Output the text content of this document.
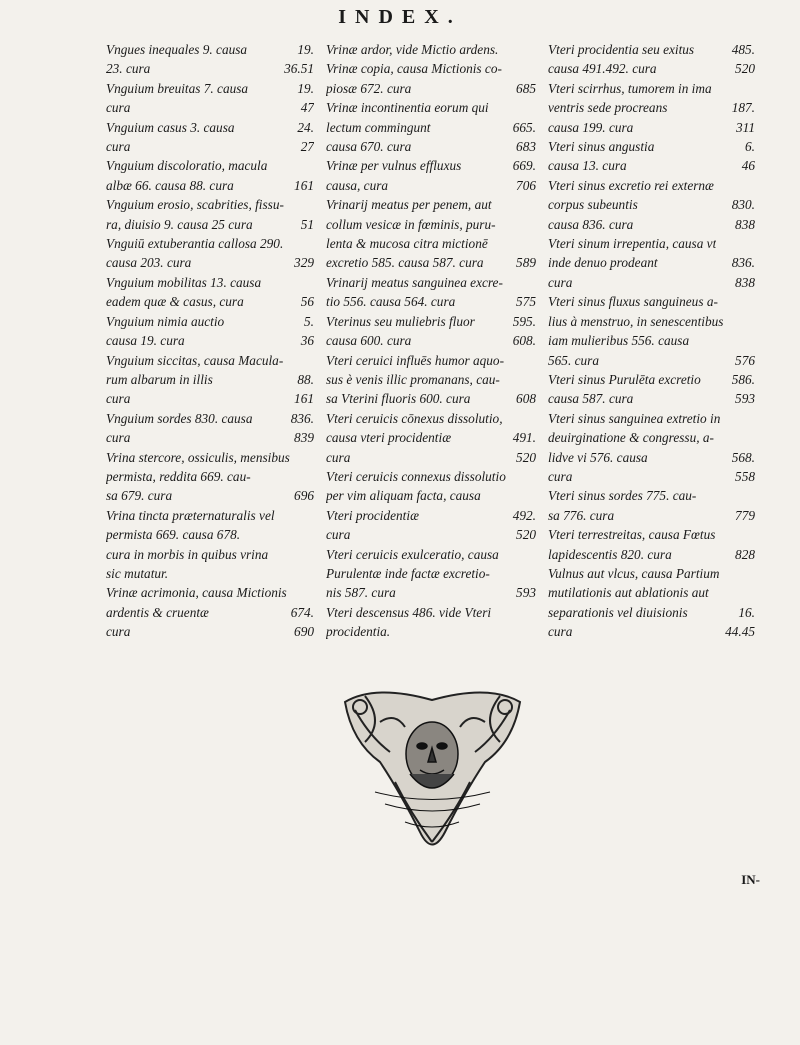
INDEX.
Vngues inequales 9. causa	19.
23. cura	36.51
Vnguium breuitas 7. causa	19.
cura	47
Vnguium casus 3. causa	24.
cura	27
Vnguium discoloratio, macula
albæ 66. causa 88. cura	161
Vnguium erosio, scabrities, fissu-
ra, diuisio 9. causa 25 cura	51
Vnguiū extuberantia callosa 290.
causa 203. cura	329
Vnguium mobilitas 13. causa
eadem quæ & casus, cura	56
Vnguium nimia auctio	5.
causa 19. cura	36
Vnguium siccitas, causa Macula-
rum albarum in illis	88.
cura	161
Vnguium sordes 830. causa	836.
cura	839
Vrina stercore, ossiculis, mensibus
permista, reddita 669. cau-
sa 679. cura	696
Vrina tincta præternaturalis vel
permista 669. causa 678.
cura in morbis in quibus vrina
sic mutatur.
Vrinæ acrimonia, causa Mictionis
ardentis & cruentæ	674.
cura	690
Vrinæ ardor, vide Mictio ardens.
Vrinæ copia, causa Mictionis co-
piosæ 672. cura	685
Vrinæ incontinentia eorum qui
lectum commingunt	665.
causa 670. cura	683
Vrinæ per vulnus effluxus	669.
causa, cura	706
Vrinarij meatus per penem, aut
collum vesicæ in fœminis, puru-
lenta & mucosa citra mictionē
excretio 585. causa 587. cura	589
Vrinarij meatus sanguinea excre-
tio 556. causa 564. cura	575
Vterinus seu muliebris fluor	595.
causa 600. cura	608.
Vteri ceruici influēs humor aquo-
sus è venis illic promanans, cau-
sa Vterini fluoris 600. cura	608
Vteri ceruicis cōnexus dissolutio,
causa vteri procidentiæ	491.
cura	520
Vteri ceruicis connexus dissolutio
per vim aliquam facta, causa
Vteri procidentiæ	492.
cura	520
Vteri ceruicis exulceratio, causa
Purulentæ inde factæ excretio-
nis 587. cura	593
Vteri descensus 486. vide Vteri
procidentia.
Vteri procidentia seu exitus	485.
causa 491.492. cura	520
Vteri scirrhus, tumorem in ima
ventris sede procreans	187.
causa 199. cura	311
Vteri sinus angustia	6.
causa 13. cura	46
Vteri sinus excretio rei externæ
corpus subeuntis	830.
causa 836. cura	838
Vteri sinum irrepentia, causa vt
inde denuo prodeant	836.
cura	838
Vteri sinus fluxus sanguineus a-
lius à menstruo, in senescentibus
iam mulieribus 556. causa
565. cura	576
Vteri sinus Purulēta excretio	586.
causa 587. cura	593
Vteri sinus sanguinea extretio in
deuirginatione & congressu, a-
lidve vi 576. causa	568.
cura	558
Vteri sinus sordes 775. cau-
sa 776. cura	779
Vteri terrestreitas, causa Fœtus
lapidescentis 820. cura	828
Vulnus aut vlcus, causa Partium
mutilationis aut ablationis aut
separationis vel diuisionis	16.
cura	44.45
IN-
